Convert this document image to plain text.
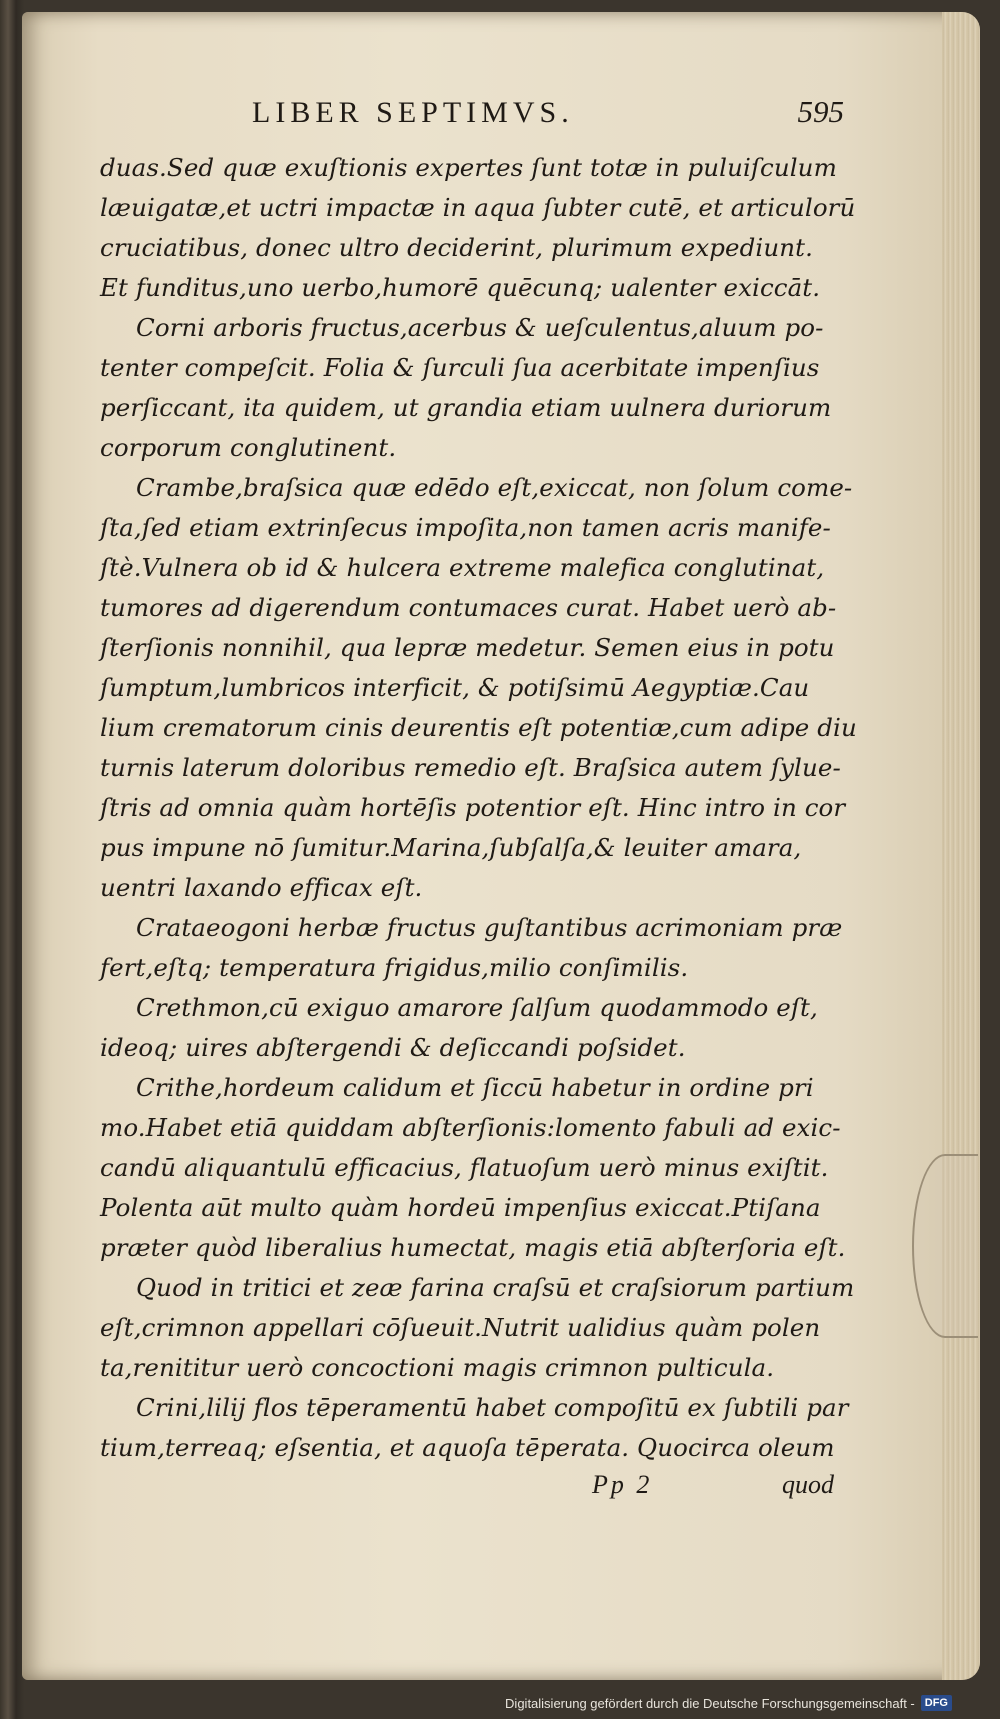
LIBER SEPTIMVS.	595
duas.Sed quæ exuſtionis expertes ſunt totæ in puluiſculum
læuigatæ,et uctri impactæ in aqua ſubter cutē, et articulorū
cruciatibus, donec ultro deciderint, plurimum expediunt.
Et funditus,uno uerbo,humorē quēcunq; ualenter exiccāt.
Corni arboris fructus,acerbus & ueſculentus,aluum po-
tenter compeſcit. Folia & ſurculi ſua acerbitate impenſius
perſiccant, ita quidem, ut grandia etiam uulnera duriorum
corporum conglutinent.
Crambe,braſsica quæ edēdo eſt,exiccat, non ſolum come-
ſta,ſed etiam extrinſecus impoſita,non tamen acris manife-
ſtè.Vulnera ob id & hulcera extreme malefica conglutinat,
tumores ad digerendum contumaces curat. Habet uerò ab-
ſterſionis nonnihil, qua lepræ medetur. Semen eius in potu
ſumptum,lumbricos interficit, & potiſsimū Aegyptiæ.Cau
lium crematorum cinis deurentis eſt potentiæ,cum adipe diu
turnis laterum doloribus remedio eſt. Braſsica autem ſylue-
ſtris ad omnia quàm hortēſis potentior eſt. Hinc intro in cor
pus impune nō ſumitur.Marina,ſubſalſa,& leuiter amara,
uentri laxando efficax eſt.
Crataeogoni herbæ fructus guſtantibus acrimoniam præ
fert,eſtq; temperatura frigidus,milio conſimilis.
Crethmon,cū exiguo amarore ſalſum quodammodo eſt,
ideoq; uires abſtergendi & deſiccandi poſsidet.
Crithe,hordeum calidum et ſiccū habetur in ordine pri
mo.Habet etiā quiddam abſterſionis:lomento fabuli ad exic-
candū aliquantulū efficacius, flatuoſum uerò minus exiſtit.
Polenta aūt multo quàm hordeū impenſius exiccat.Ptiſana
præter quòd liberalius humectat, magis etiā abſterſoria eſt.
Quod in tritici et zeæ farina craſsū et craſsiorum partium
eſt,crimnon appellari cōſueuit.Nutrit ualidius quàm polen
ta,renititur uerò concoctioni magis crimnon pulticula.
Crini,lilij flos tēperamentū habet compoſitū ex ſubtili par
tium,terreaq; eſsentia, et aquoſa tēperata. Quocirca oleum
Pp 2	quod
Digitalisierung gefördert durch die Deutsche Forschungsgemeinschaft - DFG
